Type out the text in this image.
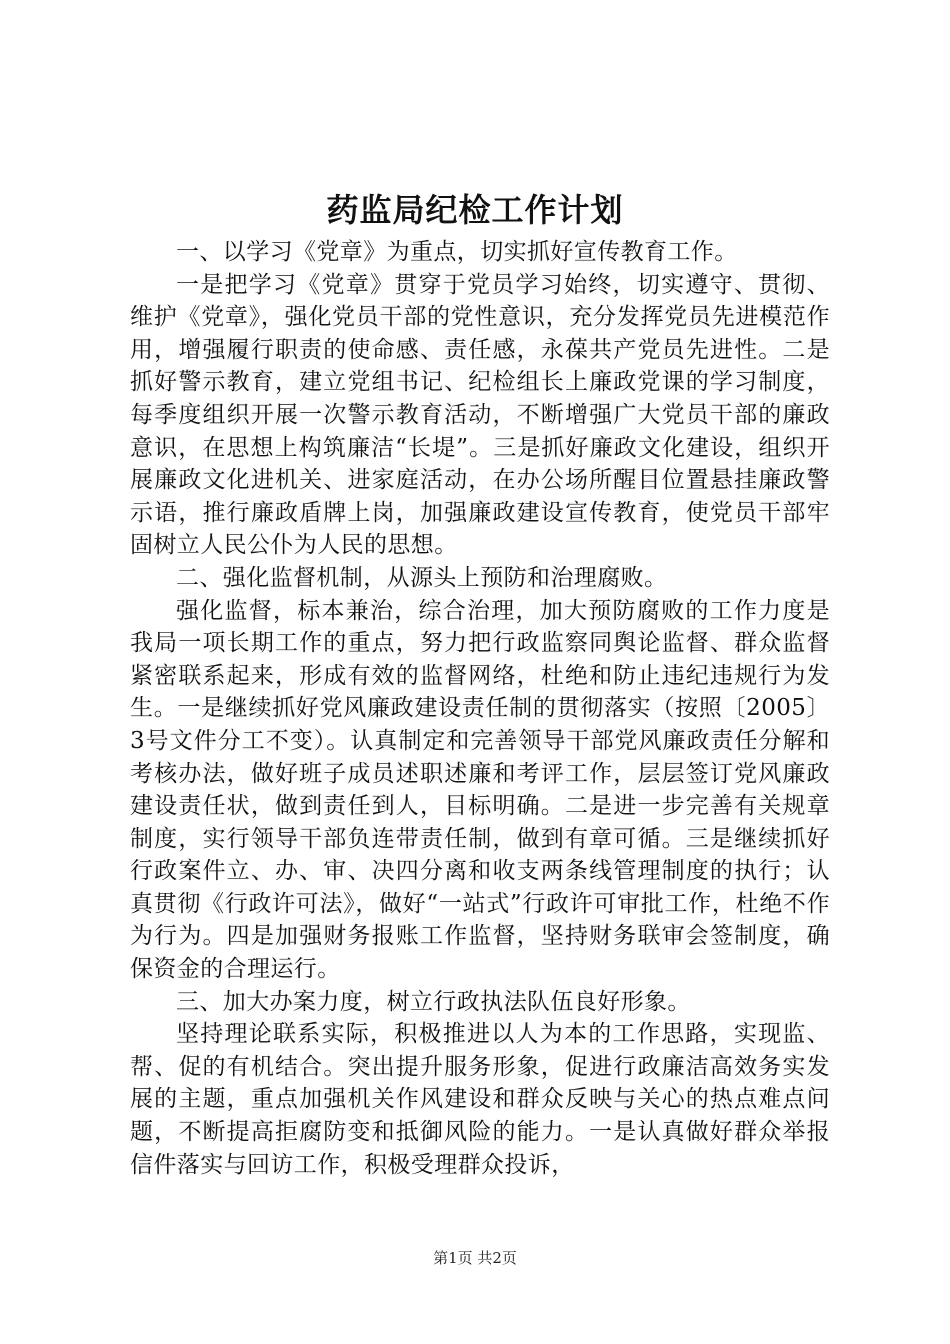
药监局纪检工作计划

一、以学习《党章》为重点，切实抓好宣传教育工作。

一是把学习《党章》贯穿于党员学习始终，切实遵守、贯彻、维护《党章》，强化党员干部的党性意识，充分发挥党员先进模范作用，增强履行职责的使命感、责任感，永葆共产党员先进性。二是抓好警示教育，建立党组书记、纪检组长上廉政党课的学习制度，每季度组织开展一次警示教育活动，不断增强广大党员干部的廉政意识，在思想上构筑廉洁“长堤”。三是抓好廉政文化建设，组织开展廉政文化进机关、进家庭活动，在办公场所醒目位置悬挂廉政警示语，推行廉政盾牌上岗，加强廉政建设宣传教育，使党员干部牢固树立人民公仆为人民的思想。

二、强化监督机制，从源头上预防和治理腐败。

强化监督，标本兼治，综合治理，加大预防腐败的工作力度是我局一项长期工作的重点，努力把行政监察同舆论监督、群众监督紧密联系起来，形成有效的监督网络，杜绝和防止违纪违规行为发生。一是继续抓好党风廉政建设责任制的贯彻落实（按照〔2005〕3号文件分工不变）。认真制定和完善领导干部党风廉政责任分解和考核办法，做好班子成员述职述廉和考评工作，层层签订党风廉政建设责任状，做到责任到人，目标明确。二是进一步完善有关规章制度，实行领导干部负连带责任制，做到有章可循。三是继续抓好行政案件立、办、审、决四分离和收支两条线管理制度的执行；认真贯彻《行政许可法》，做好“一站式”行政许可审批工作，杜绝不作为行为。四是加强财务报账工作监督，坚持财务联审会签制度，确保资金的合理运行。

三、加大办案力度，树立行政执法队伍良好形象。

坚持理论联系实际，积极推进以人为本的工作思路，实现监、帮、促的有机结合。突出提升服务形象，促进行政廉洁高效务实发展的主题，重点加强机关作风建设和群众反映与关心的热点难点问题，不断提高拒腐防变和抵御风险的能力。一是认真做好群众举报信件落实与回访工作，积极受理群众投诉，

第1页 共2页
